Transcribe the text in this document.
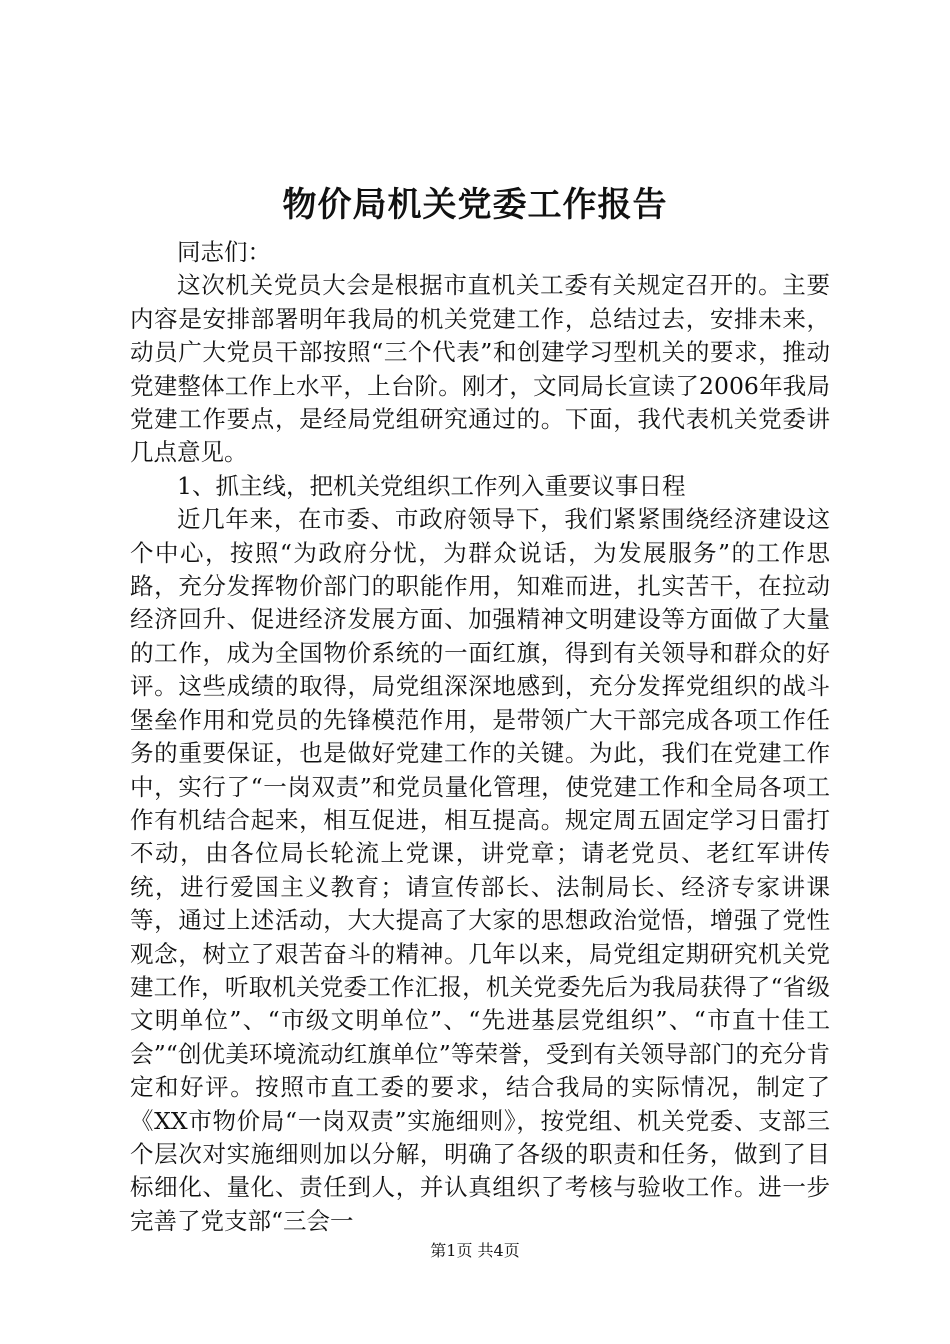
物价局机关党委工作报告

同志们：

这次机关党员大会是根据市直机关工委有关规定召开的。主要内容是安排部署明年我局的机关党建工作，总结过去，安排未来，动员广大党员干部按照“三个代表”和创建学习型机关的要求，推动党建整体工作上水平，上台阶。刚才，文同局长宣读了2006年我局党建工作要点，是经局党组研究通过的。下面，我代表机关党委讲几点意见。

1、抓主线，把机关党组织工作列入重要议事日程

近几年来，在市委、市政府领导下，我们紧紧围绕经济建设这个中心，按照“为政府分忧，为群众说话，为发展服务”的工作思路，充分发挥物价部门的职能作用，知难而进，扎实苦干，在拉动经济回升、促进经济发展方面、加强精神文明建设等方面做了大量的工作，成为全国物价系统的一面红旗，得到有关领导和群众的好评。这些成绩的取得，局党组深深地感到，充分发挥党组织的战斗堡垒作用和党员的先锋模范作用，是带领广大干部完成各项工作任务的重要保证，也是做好党建工作的关键。为此，我们在党建工作中，实行了“一岗双责”和党员量化管理，使党建工作和全局各项工作有机结合起来，相互促进，相互提高。规定周五固定学习日雷打不动，由各位局长轮流上党课，讲党章；请老党员、老红军讲传统，进行爱国主义教育；请宣传部长、法制局长、经济专家讲课等，通过上述活动，大大提高了大家的思想政治觉悟，增强了党性观念，树立了艰苦奋斗的精神。几年以来，局党组定期研究机关党建工作，听取机关党委工作汇报，机关党委先后为我局获得了“省级文明单位”、“市级文明单位”、“先进基层党组织”、“市直十佳工会”“创优美环境流动红旗单位”等荣誉，受到有关领导部门的充分肯定和好评。按照市直工委的要求，结合我局的实际情况，制定了《XX市物价局“一岗双责”实施细则》，按党组、机关党委、支部三个层次对实施细则加以分解，明确了各级的职责和任务，做到了目标细化、量化、责任到人，并认真组织了考核与验收工作。进一步完善了党支部“三会一

第1页 共4页
